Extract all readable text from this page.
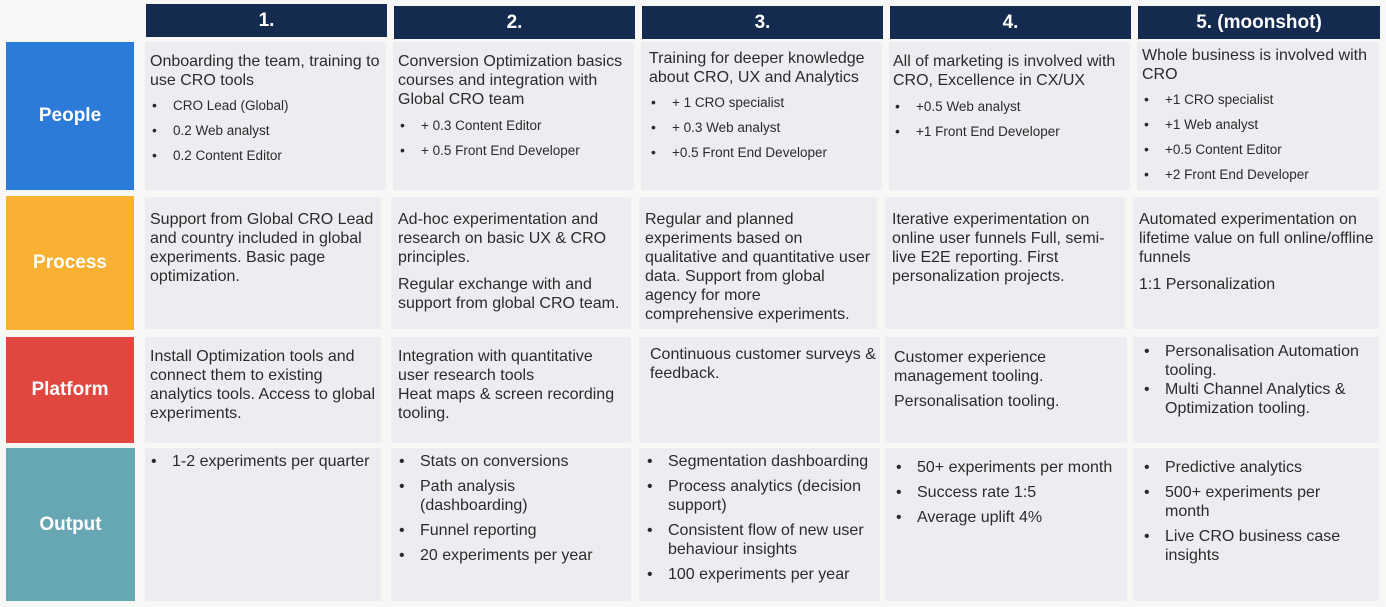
1.	2.	3.	4.	5. (moonshot)
People
Process
Platform
Output

Onboarding the team, training to use CRO tools

• CRO Lead (Global)
• 0.2 Web analyst
• 0.2 Content Editor

Conversion Optimization basics courses and integration with Global CRO team

• + 0.3 Content Editor
• + 0.5 Front End Developer

Training for deeper knowledge about CRO, UX and Analytics

• + 1 CRO specialist
• + 0.3 Web analyst
• +0.5 Front End Developer

All of marketing is involved with CRO, Excellence in CX/UX

• +0.5 Web analyst
• +1 Front End Developer

Whole business is involved with CRO

• +1 CRO specialist
• +1 Web analyst
• +0.5 Content Editor
• +2 Front End Developer

Support from Global CRO Lead and country included in global experiments. Basic page optimization.

Ad-hoc experimentation and research on basic UX & CRO principles.

Regular exchange with and support from global CRO team.

Regular and planned experiments based on qualitative and quantitative user data. Support from global agency for more comprehensive experiments.

Iterative experimentation on online user funnels Full, semi-live E2E reporting. First personalization projects.

Automated experimentation on lifetime value on full online/offline funnels

1:1 Personalization

Install Optimization tools and connect them to existing analytics tools. Access to global experiments.

Integration with quantitative user research tools
Heat maps & screen recording tooling.

Continuous customer surveys & feedback.

Customer experience management tooling.

Personalisation tooling.

• Personalisation Automation tooling.
• Multi Channel Analytics & Optimization tooling.
• 1-2 experiments per quarter
•	Stats on conversions
• Path analysis (dashboarding)
• Funnel reporting
• 20 experiments per year
• Segmentation dashboarding
• Process analytics (decision support)
• Consistent flow of new user behaviour insights
• 100 experiments per year
• 50+ experiments per month
• Success rate 1:5
• Average uplift 4%
• Predictive analytics
• 500+ experiments per month
• Live CRO business case insights
